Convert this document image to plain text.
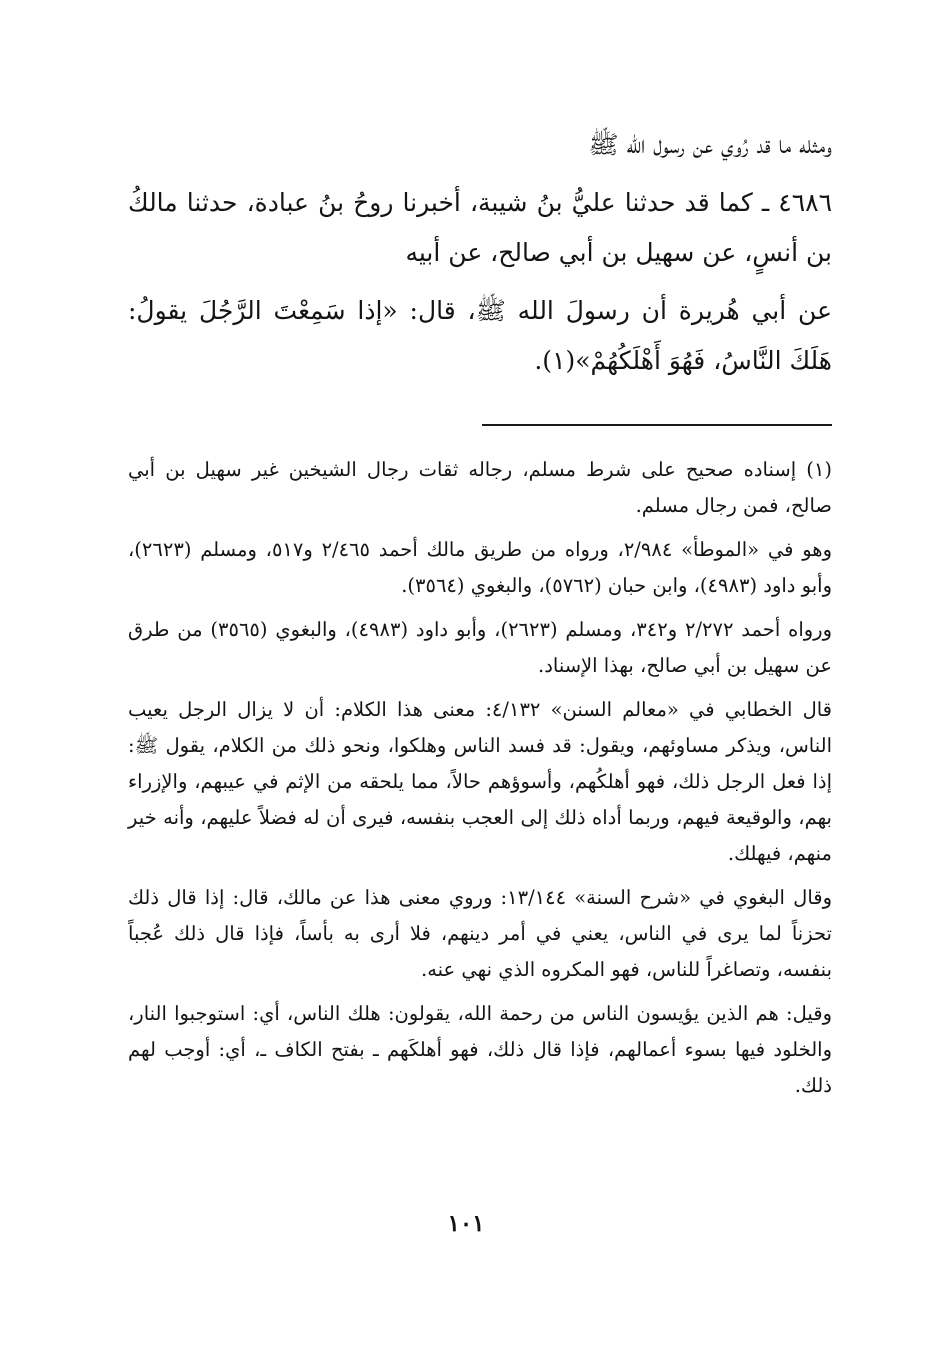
ومثله ما قد رُوي عن رسول الله ﷺ

٤٦٨٦ ـ كما قد حدثنا عليُّ بنُ شيبة، أخبرنا روحُ بنُ عبادة، حدثنا مالكُ بن أنسٍ، عن سهيل بن أبي صالح، عن أبيه

عن أبي هُريرة أن رسولَ الله ﷺ، قال: «إذا سَمِعْتَ الرَّجُلَ يقولُ: هَلَكَ النَّاسُ، فَهُوَ أَهْلَكُهُمْ»(١).

(١) إسناده صحيح على شرط مسلم، رجاله ثقات رجال الشيخين غير سهيل بن أبي صالح، فمن رجال مسلم.

وهو في «الموطأ» ٢/٩٨٤، ورواه من طريق مالك أحمد ٢/٤٦٥ و٥١٧، ومسلم (٢٦٢٣)، وأبو داود (٤٩٨٣)، وابن حبان (٥٧٦٢)، والبغوي (٣٥٦٤).

ورواه أحمد ٢/٢٧٢ و٣٤٢، ومسلم (٢٦٢٣)، وأبو داود (٤٩٨٣)، والبغوي (٣٥٦٥) من طرق عن سهيل بن أبي صالح، بهذا الإسناد.

قال الخطابي في «معالم السنن» ٤/١٣٢: معنى هذا الكلام: أن لا يزال الرجل يعيب الناس، ويذكر مساوئهم، ويقول: قد فسد الناس وهلكوا، ونحو ذلك من الكلام، يقول ﷺ: إذا فعل الرجل ذلك، فهو أهلكُهم، وأسوؤهم حالاً، مما يلحقه من الإثم في عيبهم، والإزراء بهم، والوقيعة فيهم، وربما أداه ذلك إلى العجب بنفسه، فيرى أن له فضلاً عليهم، وأنه خير منهم، فيهلك.

وقال البغوي في «شرح السنة» ١٣/١٤٤: وروي معنى هذا عن مالك، قال: إذا قال ذلك تحزناً لما يرى في الناس، يعني في أمر دينهم، فلا أرى به بأساً، فإذا قال ذلك عُجباً بنفسه، وتصاغراً للناس، فهو المكروه الذي نهي عنه.

وقيل: هم الذين يؤيسون الناس من رحمة الله، يقولون: هلك الناس، أي: استوجبوا النار، والخلود فيها بسوء أعمالهم، فإذا قال ذلك، فهو أهلكَهم ـ بفتح الكاف ـ، أي: أوجب لهم ذلك.

١٠١
